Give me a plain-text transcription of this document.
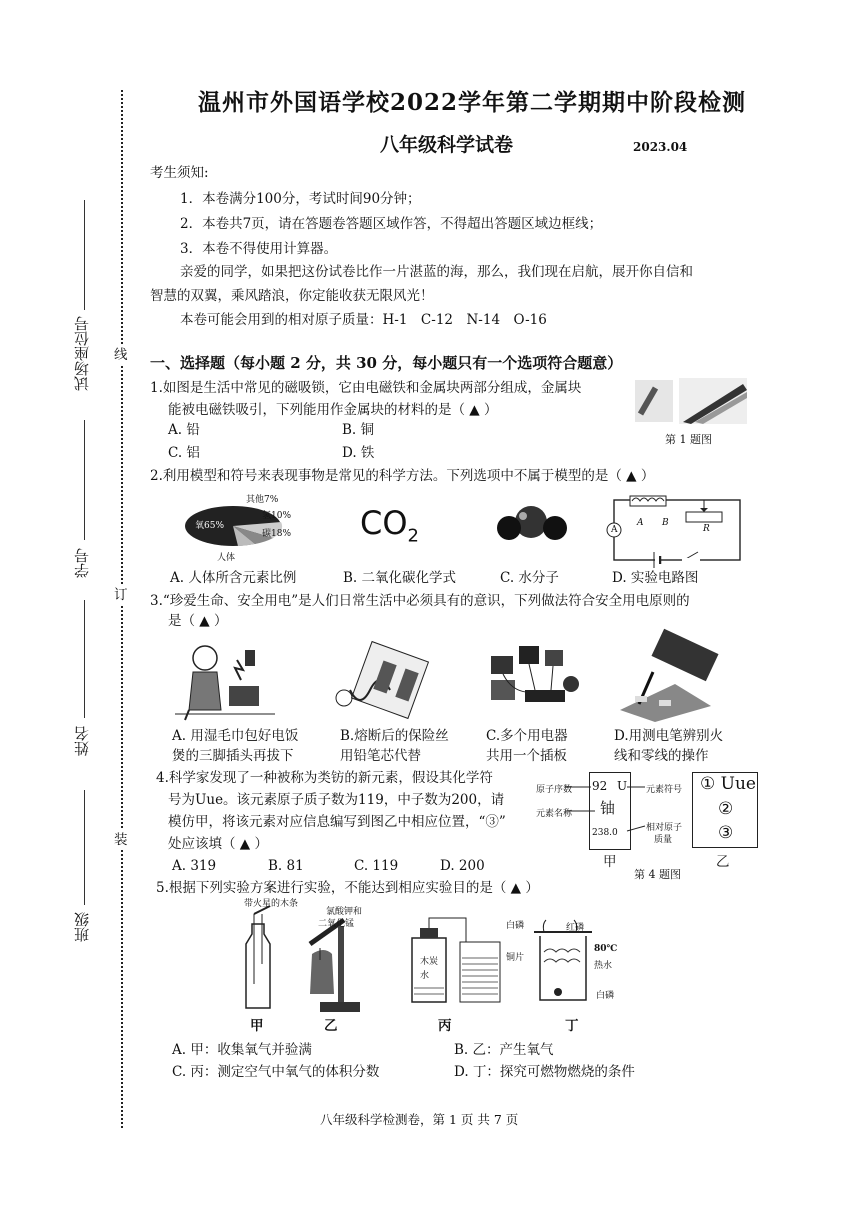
试场座位号
学号
姓名
班级
线
订
装
温州市外国语学校2022学年第二学期期中阶段检测
八年级科学试卷	2023.04
考生须知:
1．本卷满分100分，考试时间90分钟；
2．本卷共7页，请在答题卷答题区域作答，不得超出答题区域边框线；
3．本卷不得使用计算器。
亲爱的同学，如果把这份试卷比作一片湛蓝的海，那么，我们现在启航，展开你自信和
智慧的双翼，乘风踏浪，你定能收获无限风光！
本卷可能会用到的相对原子质量：H-1　C-12　N-14　O-16
一、选择题（每小题 2 分，共 30 分，每小题只有一个选项符合题意）
1.如图是生活中常见的磁吸锁，它由电磁铁和金属块两部分组成，金属块
能被电磁铁吸引，下列能用作金属块的材料的是（ ▲ ）
A. 铅	B. 铜
C. 铝	D. 铁
第 1 题图
2.利用模型和符号来表现事物是常见的科学方法。下列选项中不属于模型的是（ ▲ ）
氧65%
其他7%
氢10%
碳18%
人体
$CO_2$	A
A B
R
A. 人体所含元素比例	B. 二氧化碳化学式	C. 水分子	D. 实验电路图
3.“珍爱生命、安全用电”是人们日常生活中必须具有的意识，下列做法符合安全用电原则的
是（ ▲ ）
A. 用湿毛巾包好电饭
煲的三脚插头再拔下
B.熔断后的保险丝
用铅笔芯代替
C.多个用电器
共用一个插板
D.用测电笔辨别火
线和零线的操作
4.科学家发现了一种被称为类钫的新元素，假设其化学符
号为Uue。该元素原子质子数为119，中子数为200，请
模仿甲，将该元素对应信息编写到图乙中相应位置，“③”
处应该填（ ▲ ）
A. 319	B. 81	C. 119	D. 200
原子序数 92 U 元素符号
元素名称 铀
238.0	相对原子
质量
甲
① Uue
②
③
乙
第 4 题图
5.根据下列实验方案进行实验，不能达到相应实验目的是（ ▲ ）
带火星的木条
氯酸钾和
二氧化锰
木炭
水
白磷	红磷
铜片
80℃
热水
白磷
甲	乙	丙	丁
A. 甲：收集氧气并验满	B. 乙：产生氧气
C. 丙：测定空气中氧气的体积分数	D. 丁：探究可燃物燃烧的条件
八年级科学检测卷，第 1 页 共 7 页
